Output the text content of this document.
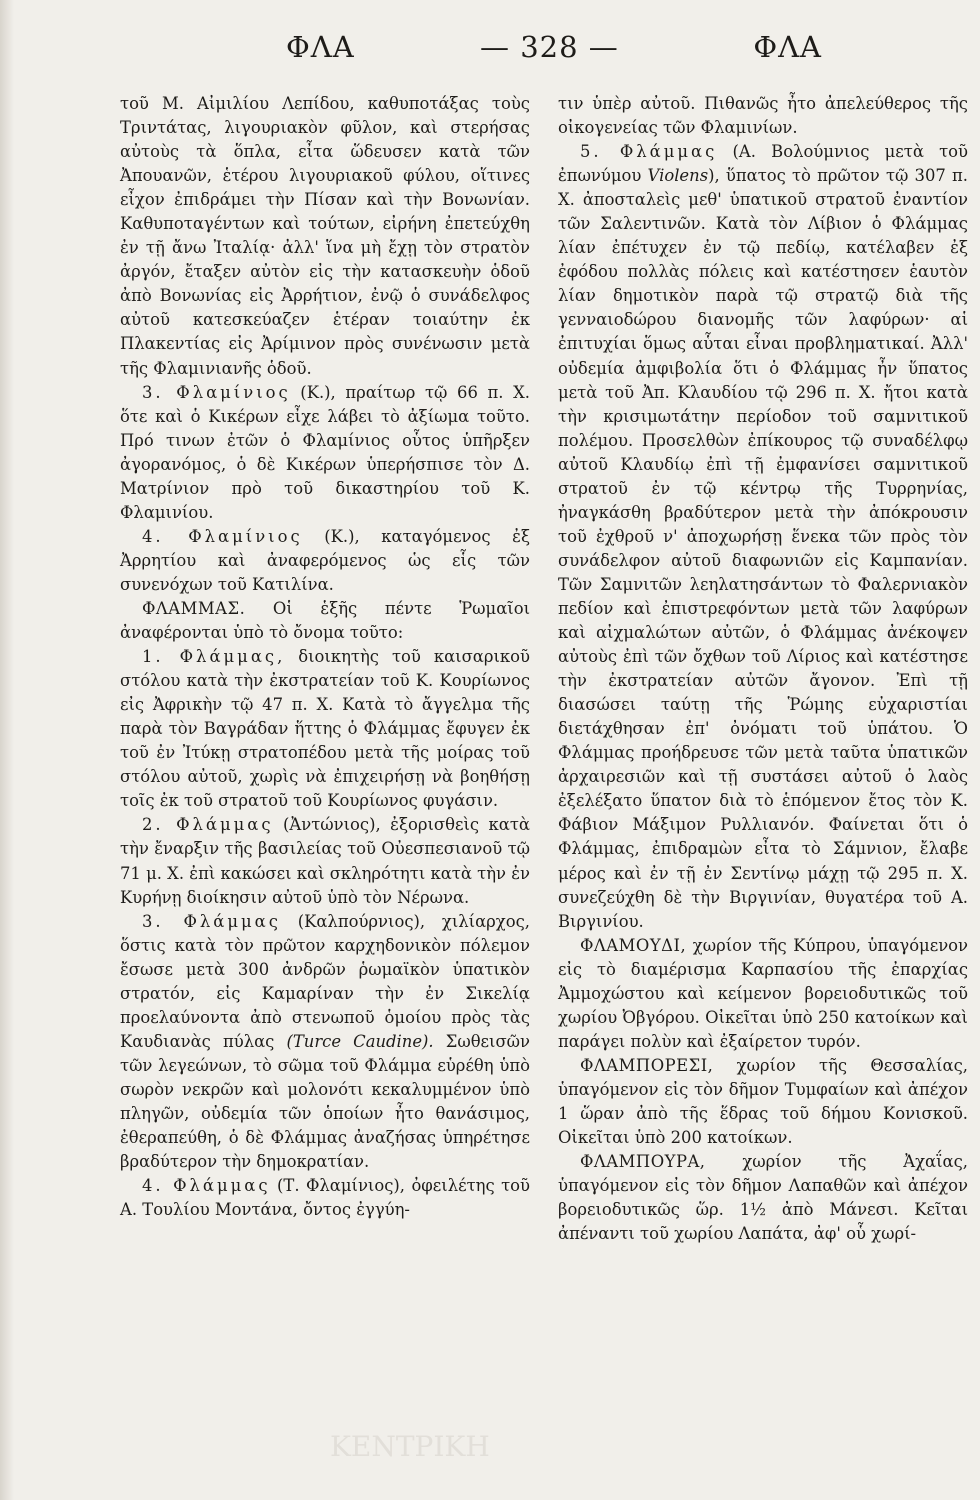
ΦΛΑ	— 328 —	ΦΛΑ

τοῦ Μ. Αἰμιλίου Λεπίδου, καθυποτάξας τοὺς Τριντάτας, λιγουριακὸν φῦλον, καὶ στερήσας αὐτοὺς τὰ ὅπλα, εἶτα ὥδευσεν κατὰ τῶν Ἀπουανῶν, ἑτέρου λιγουριακοῦ φύλου, οἵτινες εἶχον ἐπιδράμει τὴν Πίσαν καὶ τὴν Βονωνίαν. Καθυποταγέντων καὶ τούτων, εἰρήνη ἐπετεύχθη ἐν τῇ ἄνω Ἰταλίᾳ· ἀλλ' ἵνα μὴ ἔχῃ τὸν στρατὸν ἀργόν, ἔταξεν αὐτὸν εἰς τὴν κατασκευὴν ὁδοῦ ἀπὸ Βονωνίας εἰς Ἀρρήτιον, ἐνῷ ὁ συνάδελφος αὐτοῦ κατεσκεύαζεν ἑτέραν τοιαύτην ἐκ Πλακεντίας εἰς Ἀρίμινον πρὸς συνένωσιν μετὰ τῆς Φλαμινιανῆς ὁδοῦ.

3. Φλαμίνιος (Κ.), πραίτωρ τῷ 66 π. Χ. ὅτε καὶ ὁ Κικέρων εἶχε λάβει τὸ ἀξίωμα τοῦτο. Πρό τινων ἐτῶν ὁ Φλαμίνιος οὗτος ὑπῆρξεν ἀγορανόμος, ὁ δὲ Κικέρων ὑπερήσπισε τὸν Δ. Ματρίνιον πρὸ τοῦ δικαστηρίου τοῦ Κ. Φλαμινίου.

4. Φλαμίνιος (Κ.), καταγόμενος ἐξ Ἀρρητίου καὶ ἀναφερόμενος ὡς εἷς τῶν συνενόχων τοῦ Κατιλίνα.

ΦΛΑΜΜΑΣ. Οἱ ἑξῆς πέντε Ῥωμαῖοι ἀναφέρονται ὑπὸ τὸ ὄνομα τοῦτο:

1. Φλάμμας, διοικητὴς τοῦ καισαρικοῦ στόλου κατὰ τὴν ἐκστρατείαν τοῦ Κ. Κουρίωνος εἰς Ἀφρικὴν τῷ 47 π. Χ. Κατὰ τὸ ἄγγελμα τῆς παρὰ τὸν Βαγράδαν ἥττης ὁ Φλάμμας ἔφυγεν ἐκ τοῦ ἐν Ἰτύκῃ στρατοπέδου μετὰ τῆς μοίρας τοῦ στόλου αὐτοῦ, χωρὶς νὰ ἐπιχειρήσῃ νὰ βοηθήσῃ τοῖς ἐκ τοῦ στρατοῦ τοῦ Κουρίωνος φυγάσιν.

2. Φλάμμας (Ἀντώνιος), ἐξορισθεὶς κατὰ τὴν ἔναρξιν τῆς βασιλείας τοῦ Οὐεσπεσιανοῦ τῷ 71 μ. Χ. ἐπὶ κακώσει καὶ σκληρότητι κατὰ τὴν ἐν Κυρήνῃ διοίκησιν αὐτοῦ ὑπὸ τὸν Νέρωνα.

3. Φλάμμας (Καλπούρνιος), χιλίαρχος, ὅστις κατὰ τὸν πρῶτον καρχηδονικὸν πόλεμον ἔσωσε μετὰ 300 ἀνδρῶν ῥωμαϊκὸν ὑπατικὸν στρατόν, εἰς Καμαρίναν τὴν ἐν Σικελίᾳ προελαύνοντα ἀπὸ στενωποῦ ὁμοίου πρὸς τὰς Καυδιανὰς πύλας (Turce Caudine). Σωθεισῶν τῶν λεγεώνων, τὸ σῶμα τοῦ Φλάμμα εὑρέθη ὑπὸ σωρὸν νεκρῶν καὶ μολονότι κεκαλυμμένον ὑπὸ πληγῶν, οὐδεμία τῶν ὁποίων ἦτο θανάσιμος, ἐθεραπεύθη, ὁ δὲ Φλάμμας ἀναζήσας ὑπηρέτησε βραδύτερον τὴν δημοκρατίαν.

4. Φλάμμας (Τ. Φλαμίνιος), ὀφειλέτης τοῦ Α. Τουλίου Μοντάνα, ὄντος ἐγγύη-

τιν ὑπὲρ αὐτοῦ. Πιθανῶς ἦτο ἀπελεύθερος τῆς οἰκογενείας τῶν Φλαμινίων.

5. Φλάμμας (Α. Βολούμνιος μετὰ τοῦ ἐπωνύμου Violens), ὕπατος τὸ πρῶτον τῷ 307 π. Χ. ἀποσταλεὶς μεθ' ὑπατικοῦ στρατοῦ ἐναντίον τῶν Σαλεντινῶν. Κατὰ τὸν Λίβιον ὁ Φλάμμας λίαν ἐπέτυχεν ἐν τῷ πεδίῳ, κατέλαβεν ἐξ ἐφόδου πολλὰς πόλεις καὶ κατέστησεν ἑαυτὸν λίαν δημοτικὸν παρὰ τῷ στρατῷ διὰ τῆς γενναιοδώρου διανομῆς τῶν λαφύρων· αἱ ἐπιτυχίαι ὅμως αὗται εἶναι προβληματικαί. Ἀλλ' οὐδεμία ἀμφιβολία ὅτι ὁ Φλάμμας ἦν ὕπατος μετὰ τοῦ Ἀπ. Κλαυδίου τῷ 296 π. Χ. ἤτοι κατὰ τὴν κρισιμωτάτην περίοδον τοῦ σαμνιτικοῦ πολέμου. Προσελθὼν ἐπίκουρος τῷ συναδέλφῳ αὐτοῦ Κλαυδίῳ ἐπὶ τῇ ἐμφανίσει σαμνιτικοῦ στρατοῦ ἐν τῷ κέντρῳ τῆς Τυρρηνίας, ἠναγκάσθη βραδύτερον μετὰ τὴν ἀπόκρουσιν τοῦ ἐχθροῦ ν' ἀποχωρήσῃ ἕνεκα τῶν πρὸς τὸν συνάδελφον αὐτοῦ διαφωνιῶν εἰς Καμπανίαν. Τῶν Σαμνιτῶν λεηλατησάντων τὸ Φαλερνιακὸν πεδίον καὶ ἐπιστρεφόντων μετὰ τῶν λαφύρων καὶ αἰχμαλώτων αὐτῶν, ὁ Φλάμμας ἀνέκοψεν αὐτοὺς ἐπὶ τῶν ὄχθων τοῦ Λίριος καὶ κατέστησε τὴν ἐκστρατείαν αὐτῶν ἄγονον. Ἐπὶ τῇ διασώσει ταύτῃ τῆς Ῥώμης εὐχαριστίαι διετάχθησαν ἐπ' ὀνόματι τοῦ ὑπάτου. Ὁ Φλάμμας προήδρευσε τῶν μετὰ ταῦτα ὑπατικῶν ἀρχαιρεσιῶν καὶ τῇ συστάσει αὐτοῦ ὁ λαὸς ἐξελέξατο ὕπατον διὰ τὸ ἑπόμενον ἔτος τὸν Κ. Φάβιον Μάξιμον Ρυλλιανόν. Φαίνεται ὅτι ὁ Φλάμμας, ἐπιδραμὼν εἶτα τὸ Σάμνιον, ἔλαβε μέρος καὶ ἐν τῇ ἐν Σεντίνῳ μάχῃ τῷ 295 π. Χ. συνεζεύχθη δὲ τὴν Βιργινίαν, θυγατέρα τοῦ Α. Βιργινίου.

ΦΛΑΜΟΥΔΙ, χωρίον τῆς Κύπρου, ὑπαγόμενον εἰς τὸ διαμέρισμα Καρπασίου τῆς ἐπαρχίας Ἀμμοχώστου καὶ κείμενον βορειοδυτικῶς τοῦ χωρίου Ὀβγόρου. Οἰκεῖται ὑπὸ 250 κατοίκων καὶ παράγει πολὺν καὶ ἐξαίρετον τυρόν.

ΦΛΑΜΠΟΡΕΣΙ, χωρίον τῆς Θεσσαλίας, ὑπαγόμενον εἰς τὸν δῆμον Τυμφαίων καὶ ἀπέχον 1 ὥραν ἀπὸ τῆς ἕδρας τοῦ δήμου Κονισκοῦ. Οἰκεῖται ὑπὸ 200 κατοίκων.

ΦΛΑΜΠΟΥΡΑ, χωρίον τῆς Ἀχαΐας, ὑπαγόμενον εἰς τὸν δῆμον Λαπαθῶν καὶ ἀπέχον βορειοδυτικῶς ὥρ. 1½ ἀπὸ Μάνεσι. Κεῖται ἀπέναντι τοῦ χωρίου Λαπάτα, ἀφ' οὗ χωρί-

ΚΕΝΤΡΙΚΗ
